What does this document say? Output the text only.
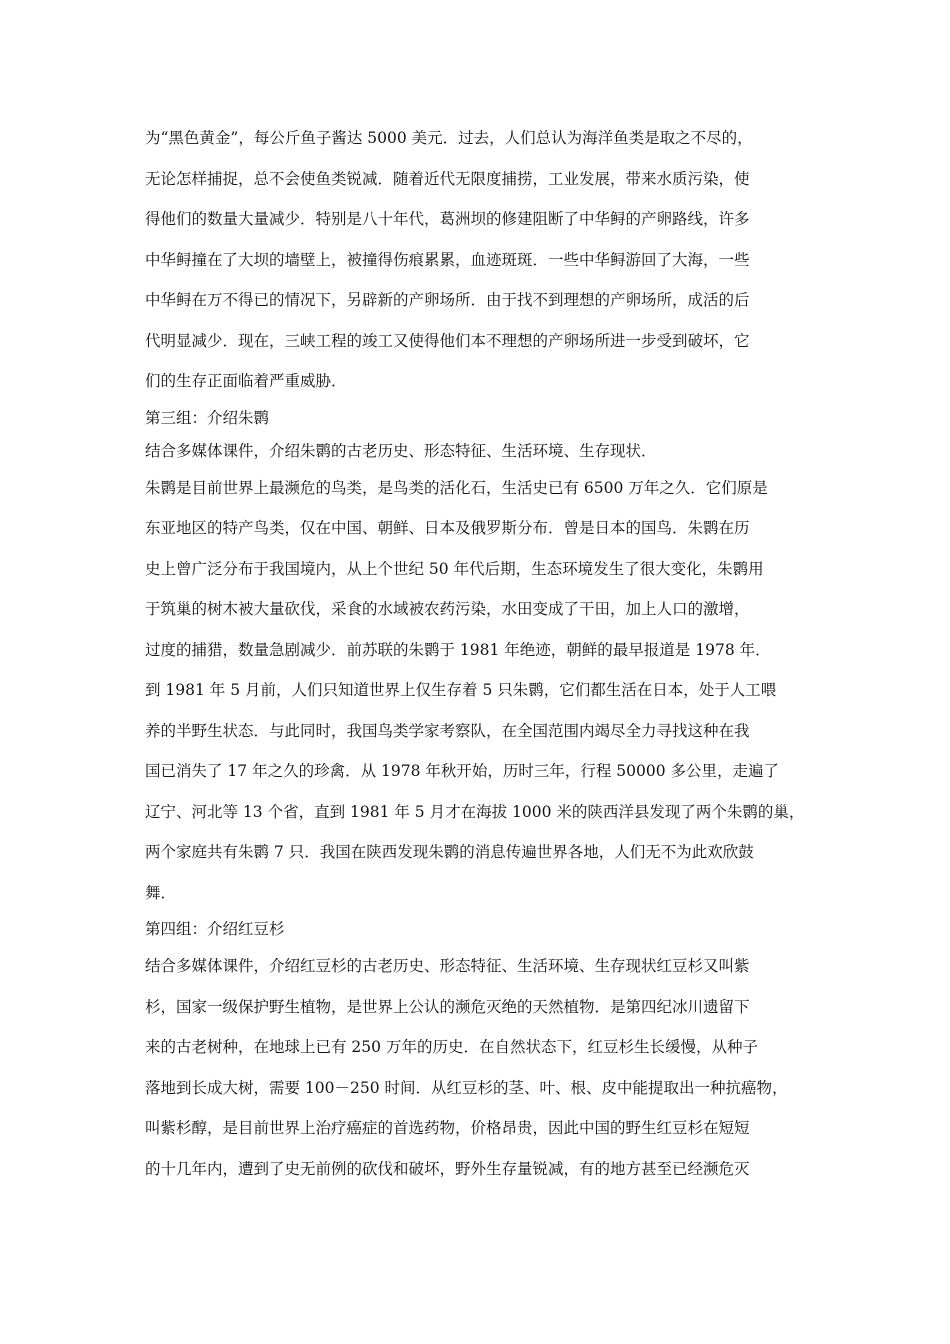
为“黑色黄金”，每公斤鱼子酱达 5000 美元．过去，人们总认为海洋鱼类是取之不尽的，
无论怎样捕捉，总不会使鱼类锐减．随着近代无限度捕捞，工业发展，带来水质污染，使
得他们的数量大量减少．特别是八十年代，葛洲坝的修建阻断了中华鲟的产卵路线，许多
中华鲟撞在了大坝的墙壁上，被撞得伤痕累累，血迹斑斑．一些中华鲟游回了大海，一些
中华鲟在万不得已的情况下，另辟新的产卵场所．由于找不到理想的产卵场所，成活的后
代明显减少．现在，三峡工程的竣工又使得他们本不理想的产卵场所进一步受到破坏，它
们的生存正面临着严重威胁．
第三组：介绍朱鹮
结合多媒体课件，介绍朱鹮的古老历史、形态特征、生活环境、生存现状．
朱鹮是目前世界上最濒危的鸟类，是鸟类的活化石，生活史已有 6500 万年之久．它们原是
东亚地区的特产鸟类，仅在中国、朝鲜、日本及俄罗斯分布．曾是日本的国鸟．朱鹮在历
史上曾广泛分布于我国境内，从上个世纪 50 年代后期，生态环境发生了很大变化，朱鹮用
于筑巢的树木被大量砍伐，采食的水域被农药污染，水田变成了干田，加上人口的激增，
过度的捕猎，数量急剧减少．前苏联的朱鹮于 1981 年绝迹，朝鲜的最早报道是 1978 年．
到 1981 年 5 月前，人们只知道世界上仅生存着 5 只朱鹮，它们都生活在日本，处于人工喂
养的半野生状态．与此同时，我国鸟类学家考察队，在全国范围内竭尽全力寻找这种在我
国已消失了 17 年之久的珍禽．从 1978 年秋开始，历时三年，行程 50000 多公里，走遍了
辽宁、河北等 13 个省，直到 1981 年 5 月才在海拔 1000 米的陕西洋县发现了两个朱鹮的巢，
两个家庭共有朱鹮 7 只．我国在陕西发现朱鹮的消息传遍世界各地，人们无不为此欢欣鼓
舞．
第四组：介绍红豆杉
结合多媒体课件，介绍红豆杉的古老历史、形态特征、生活环境、生存现状红豆杉又叫紫
杉，国家一级保护野生植物，是世界上公认的濒危灭绝的天然植物．是第四纪冰川遗留下
来的古老树种，在地球上已有 250 万年的历史．在自然状态下，红豆杉生长缓慢，从种子
落地到长成大树，需要 100－250 时间．从红豆杉的茎、叶、根、皮中能提取出一种抗癌物，
叫紫杉醇，是目前世界上治疗癌症的首选药物，价格昂贵，因此中国的野生红豆杉在短短
的十几年内，遭到了史无前例的砍伐和破坏，野外生存量锐减，有的地方甚至已经濒危灭
